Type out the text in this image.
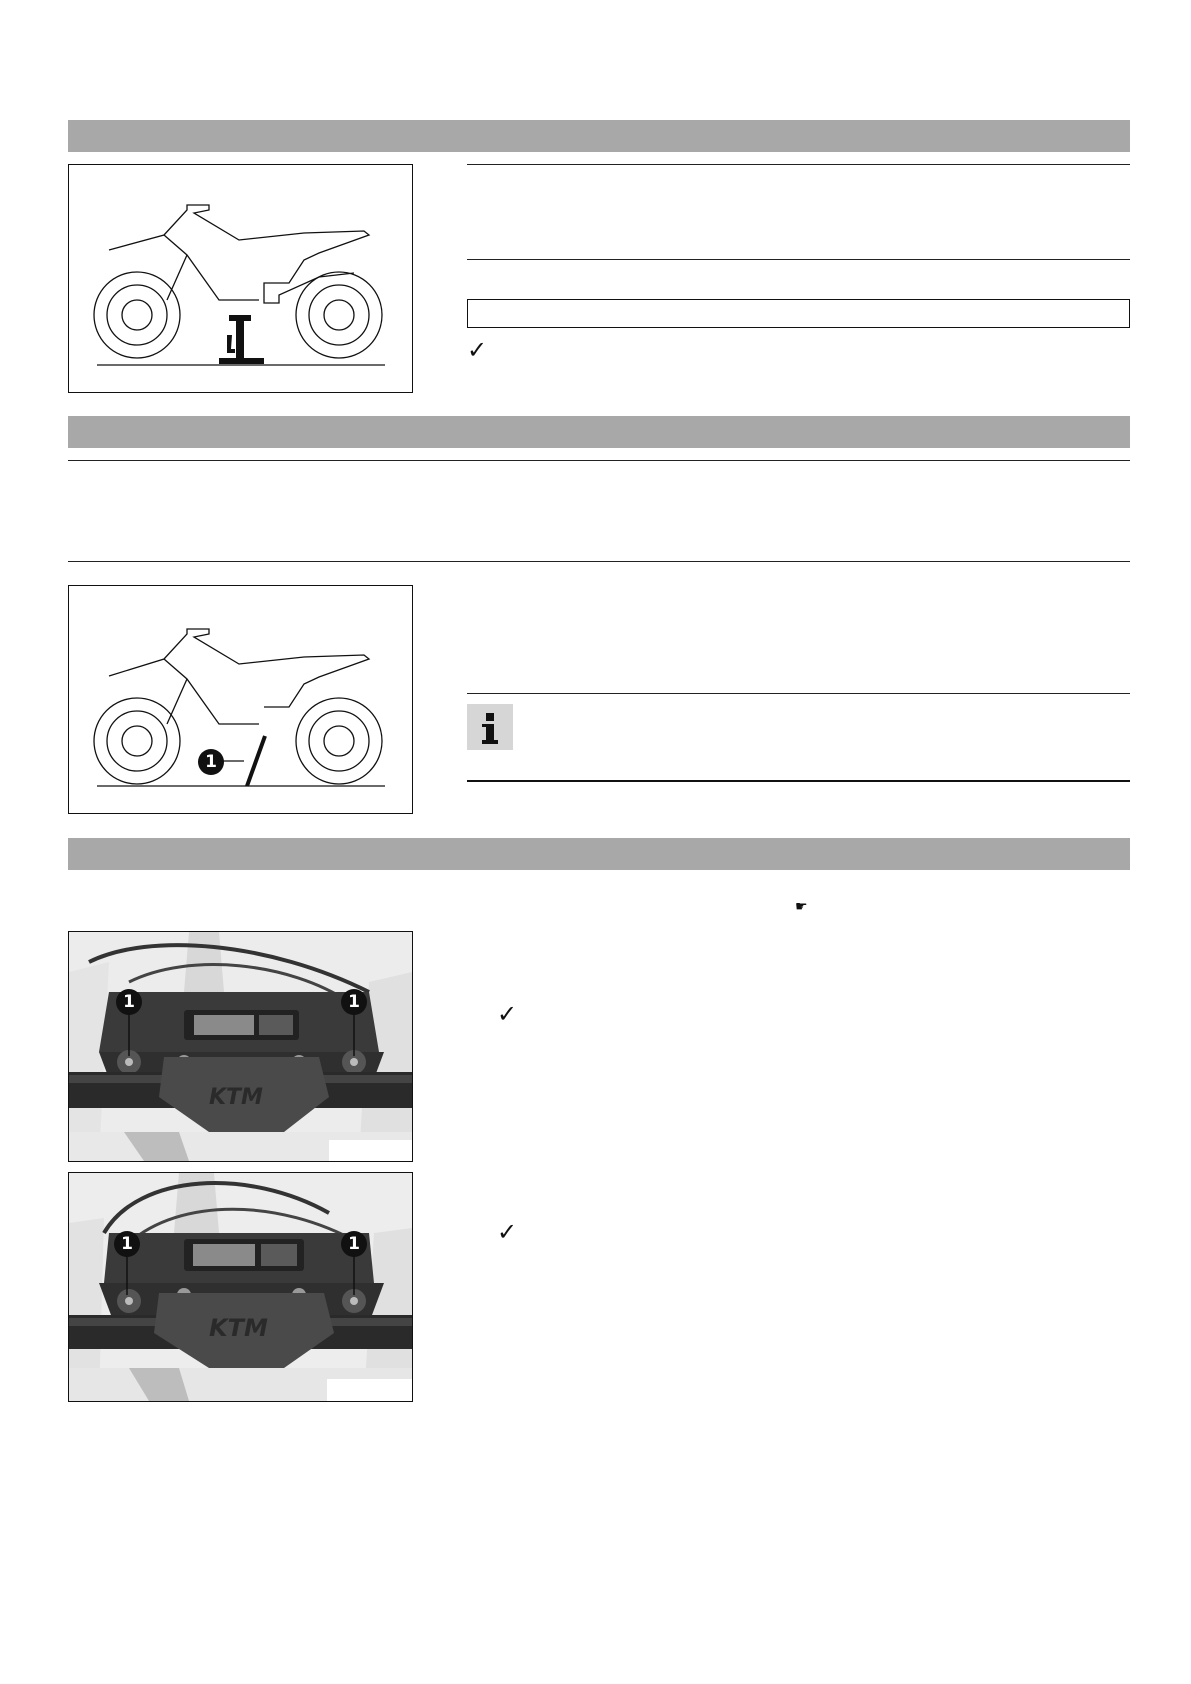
✓
1
☛
KTM
1	1	✓
KTM
1	1	✓
